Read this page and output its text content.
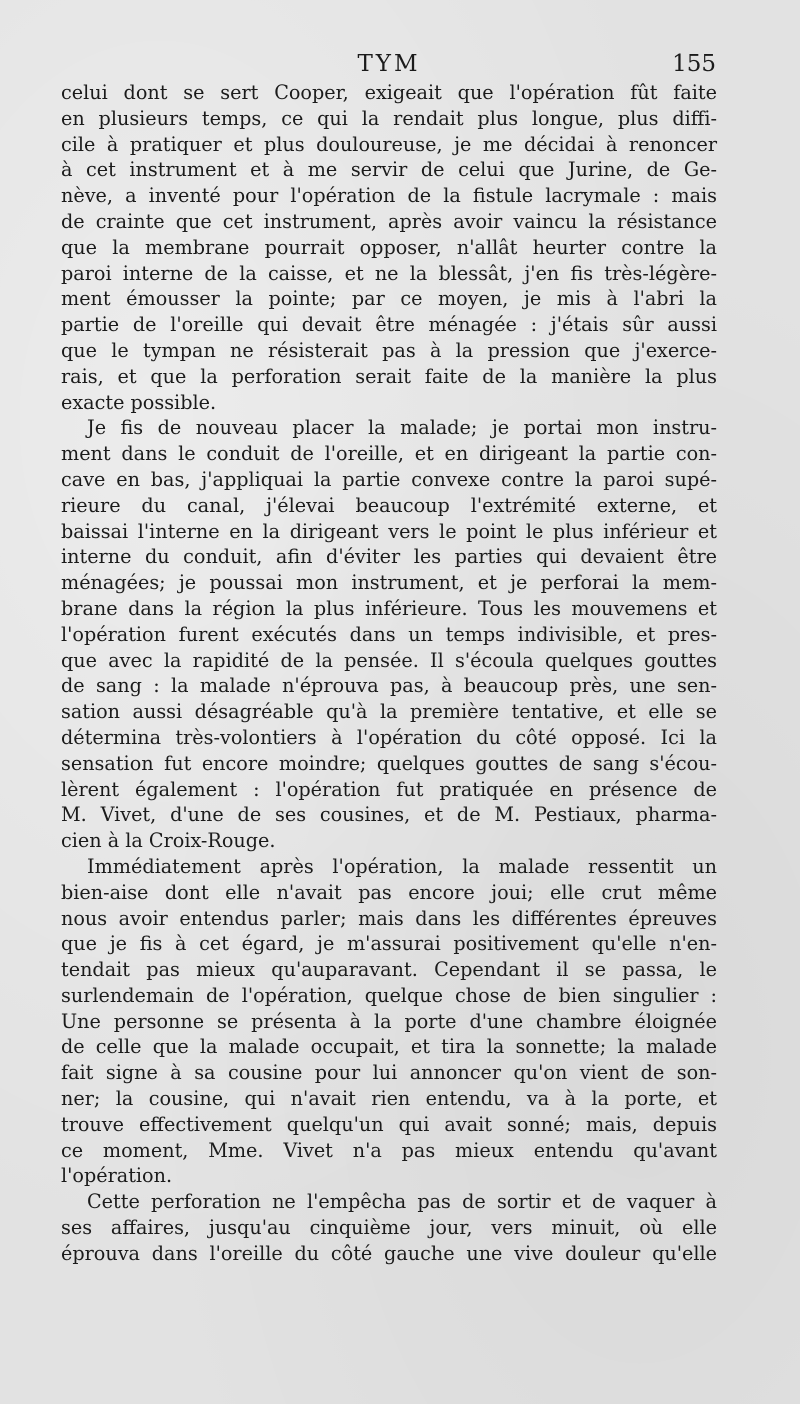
TYM	155
celui dont se sert Cooper, exigeait que l'opération fût faite
en plusieurs temps, ce qui la rendait plus longue, plus diffi-
cile à pratiquer et plus douloureuse, je me décidai à renoncer
à cet instrument et à me servir de celui que Jurine, de Ge-
nève, a inventé pour l'opération de la fistule lacrymale : mais
de crainte que cet instrument, après avoir vaincu la résistance
que la membrane pourrait opposer, n'allât heurter contre la
paroi interne de la caisse, et ne la blessât, j'en fis très-légère-
ment émousser la pointe; par ce moyen, je mis à l'abri la
partie de l'oreille qui devait être ménagée : j'étais sûr aussi
que le tympan ne résisterait pas à la pression que j'exerce-
rais, et que la perforation serait faite de la manière la plus
exacte possible.
Je fis de nouveau placer la malade; je portai mon instru-
ment dans le conduit de l'oreille, et en dirigeant la partie con-
cave en bas, j'appliquai la partie convexe contre la paroi supé-
rieure du canal, j'élevai beaucoup l'extrémité externe, et
baissai l'interne en la dirigeant vers le point le plus inférieur et
interne du conduit, afin d'éviter les parties qui devaient être
ménagées; je poussai mon instrument, et je perforai la mem-
brane dans la région la plus inférieure. Tous les mouvemens et
l'opération furent exécutés dans un temps indivisible, et pres-
que avec la rapidité de la pensée. Il s'écoula quelques gouttes
de sang : la malade n'éprouva pas, à beaucoup près, une sen-
sation aussi désagréable qu'à la première tentative, et elle se
détermina très-volontiers à l'opération du côté opposé. Ici la
sensation fut encore moindre; quelques gouttes de sang s'écou-
lèrent également : l'opération fut pratiquée en présence de
M. Vivet, d'une de ses cousines, et de M. Pestiaux, pharma-
cien à la Croix-Rouge.
Immédiatement après l'opération, la malade ressentit un
bien-aise dont elle n'avait pas encore joui; elle crut même
nous avoir entendus parler; mais dans les différentes épreuves
que je fis à cet égard, je m'assurai positivement qu'elle n'en-
tendait pas mieux qu'auparavant. Cependant il se passa, le
surlendemain de l'opération, quelque chose de bien singulier :
Une personne se présenta à la porte d'une chambre éloignée
de celle que la malade occupait, et tira la sonnette; la malade
fait signe à sa cousine pour lui annoncer qu'on vient de son-
ner; la cousine, qui n'avait rien entendu, va à la porte, et
trouve effectivement quelqu'un qui avait sonné; mais, depuis
ce moment, Mme. Vivet n'a pas mieux entendu qu'avant
l'opération.
Cette perforation ne l'empêcha pas de sortir et de vaquer à
ses affaires, jusqu'au cinquième jour, vers minuit, où elle
éprouva dans l'oreille du côté gauche une vive douleur qu'elle
